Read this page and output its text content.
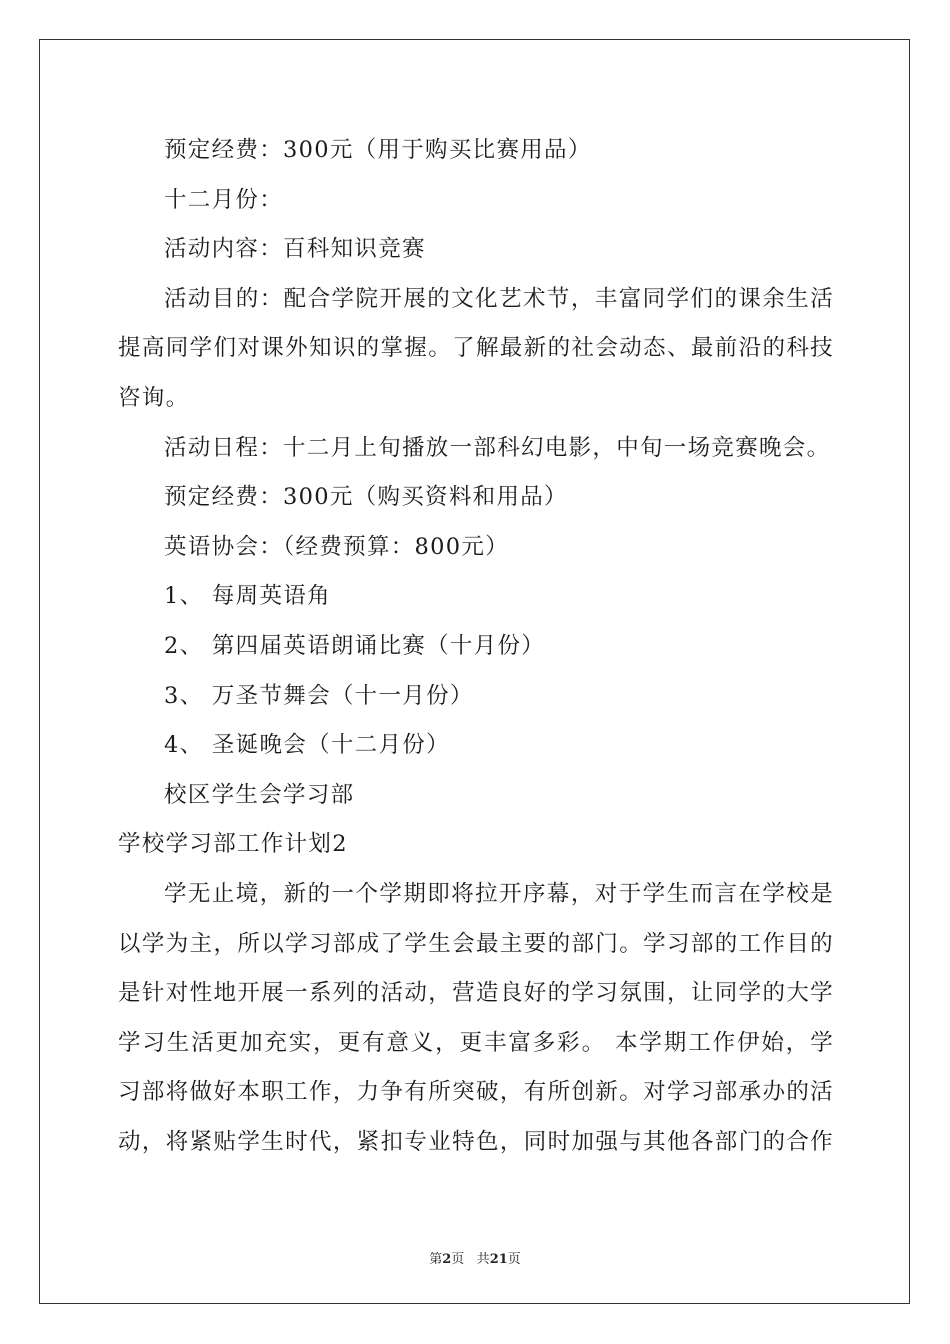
预定经费：300元（用于购买比赛用品）
十二月份：
活动内容：百科知识竞赛
活动目的：配合学院开展的文化艺术节，丰富同学们的课余生活
提高同学们对课外知识的掌握。了解最新的社会动态、最前沿的科技
咨询。
活动日程：十二月上旬播放一部科幻电影，中旬一场竞赛晚会。
预定经费：300元（购买资料和用品）
英语协会：（经费预算：800元）
1、 每周英语角
2、 第四届英语朗诵比赛（十月份）
3、 万圣节舞会（十一月份）
4、 圣诞晚会（十二月份）
校区学生会学习部
学校学习部工作计划2
学无止境，新的一个学期即将拉开序幕，对于学生而言在学校是
以学为主，所以学习部成了学生会最主要的部门。学习部的工作目的
是针对性地开展一系列的活动，营造良好的学习氛围，让同学的大学
学习生活更加充实，更有意义，更丰富多彩。 本学期工作伊始，学
习部将做好本职工作，力争有所突破，有所创新。对学习部承办的活
动，将紧贴学生时代，紧扣专业特色，同时加强与其他各部门的合作
第2页 共21页
